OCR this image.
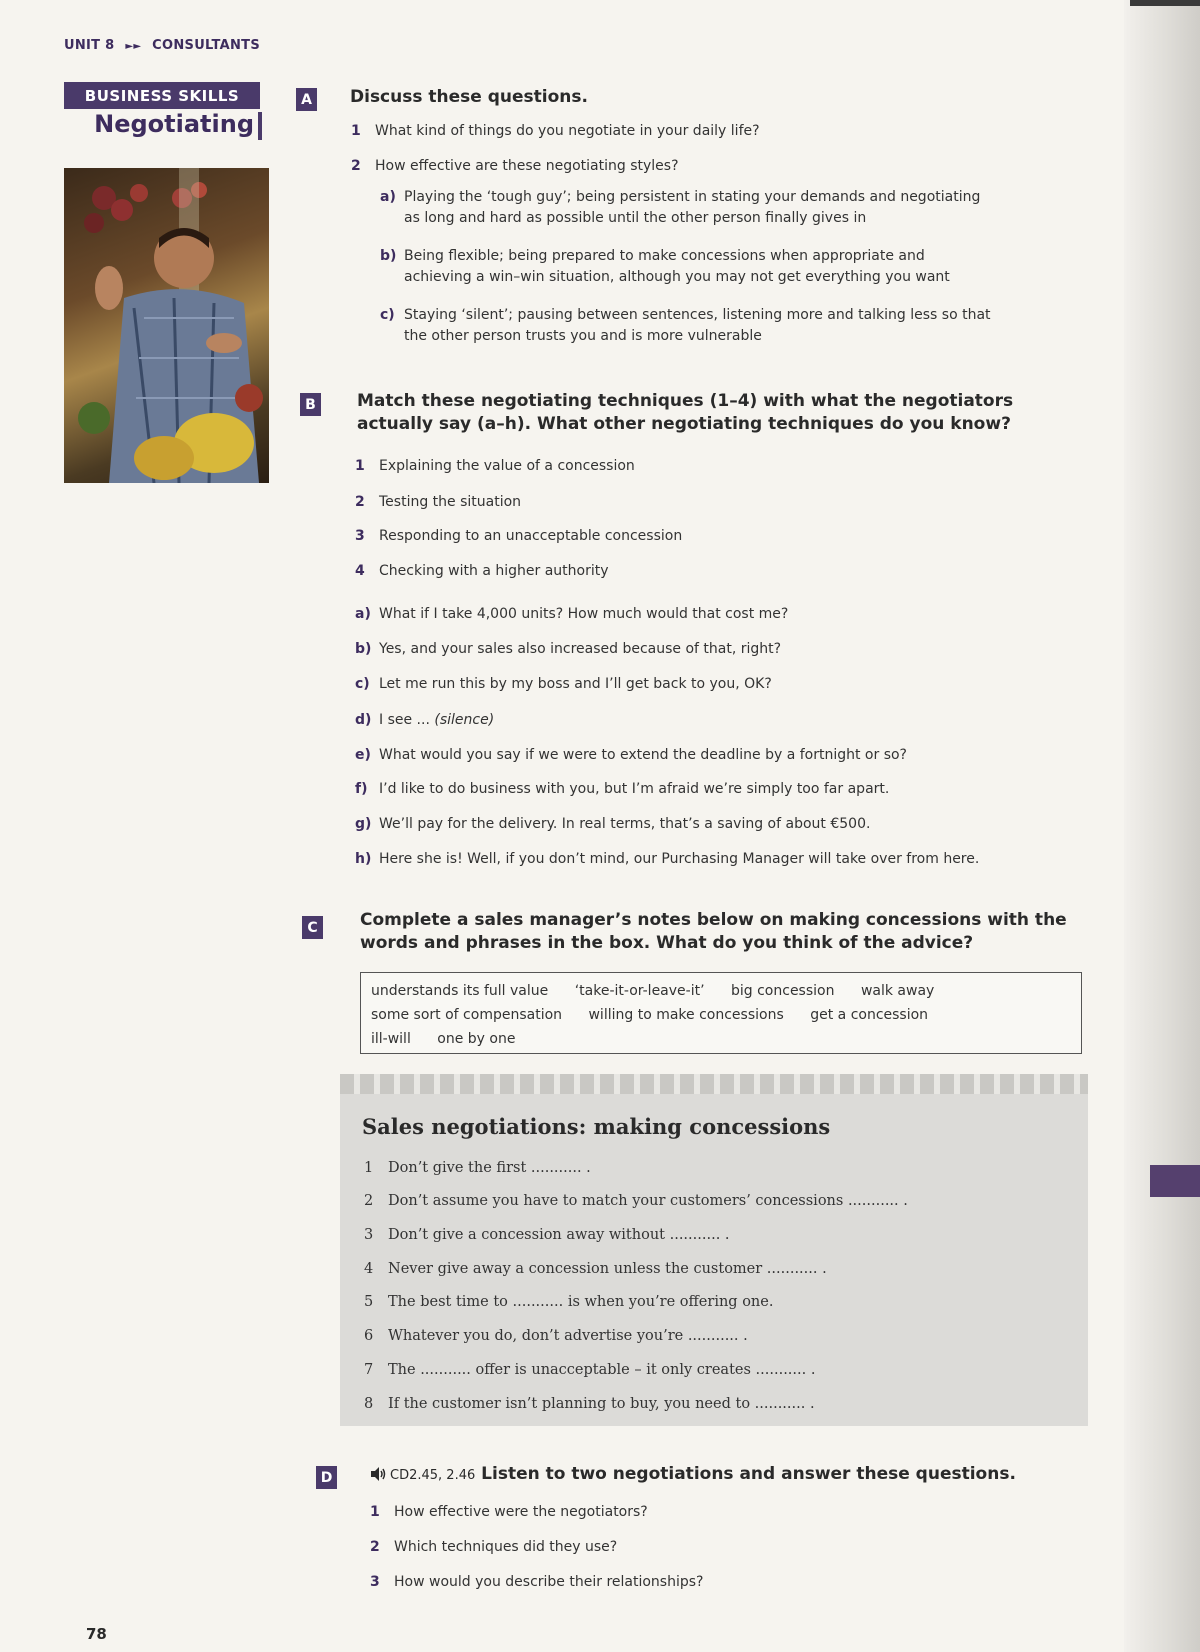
UNIT 8 ►► CONSULTANTS
BUSINESS SKILLS
Negotiating
A Discuss these questions.
1 What kind of things do you negotiate in your daily life?
2 How effective are these negotiating styles?
a) Playing the ‘tough guy’; being persistent in stating your demands and negotiating
as long and hard as possible until the other person finally gives in
b) Being flexible; being prepared to make concessions when appropriate and
achieving a win–win situation, although you may not get everything you want
c) Staying ‘silent’; pausing between sentences, listening more and talking less so that
the other person trusts you and is more vulnerable
B	Match these negotiating techniques (1–4) with what the negotiators
actually say (a–h). What other negotiating techniques do you know?
1 Explaining the value of a concession
2 Testing the situation
3 Responding to an unacceptable concession
4 Checking with a higher authority
a) What if I take 4,000 units? How much would that cost me?
b) Yes, and your sales also increased because of that, right?
c) Let me run this by my boss and I’ll get back to you, OK?
d) I see ... (silence)
e) What would you say if we were to extend the deadline by a fortnight or so?
f) I’d like to do business with you, but I’m afraid we’re simply too far apart.
g) We’ll pay for the delivery. In real terms, that’s a saving of about €500.
h) Here she is! Well, if you don’t mind, our Purchasing Manager will take over from here.
C	Complete a sales manager’s notes below on making concessions with the
words and phrases in the box. What do you think of the advice?
understands its full value ‘take-it-or-leave-it’ big concession walk away
some sort of compensation willing to make concessions get a concession
ill-will one by one
Sales negotiations: making concessions
1 Don’t give the first ........... .
2 Don’t assume you have to match your customers’ concessions ........... .
3 Don’t give a concession away without ........... .
4 Never give away a concession unless the customer ........... .
5 The best time to ........... is when you’re offering one.
6 Whatever you do, don’t advertise you’re ........... .
7 The ........... offer is unacceptable – it only creates ........... .
8 If the customer isn’t planning to buy, you need to ........... .
D	CD2.45, 2.46 Listen to two negotiations and answer these questions.
1 How effective were the negotiators?
2 Which techniques did they use?
3 How would you describe their relationships?
78
